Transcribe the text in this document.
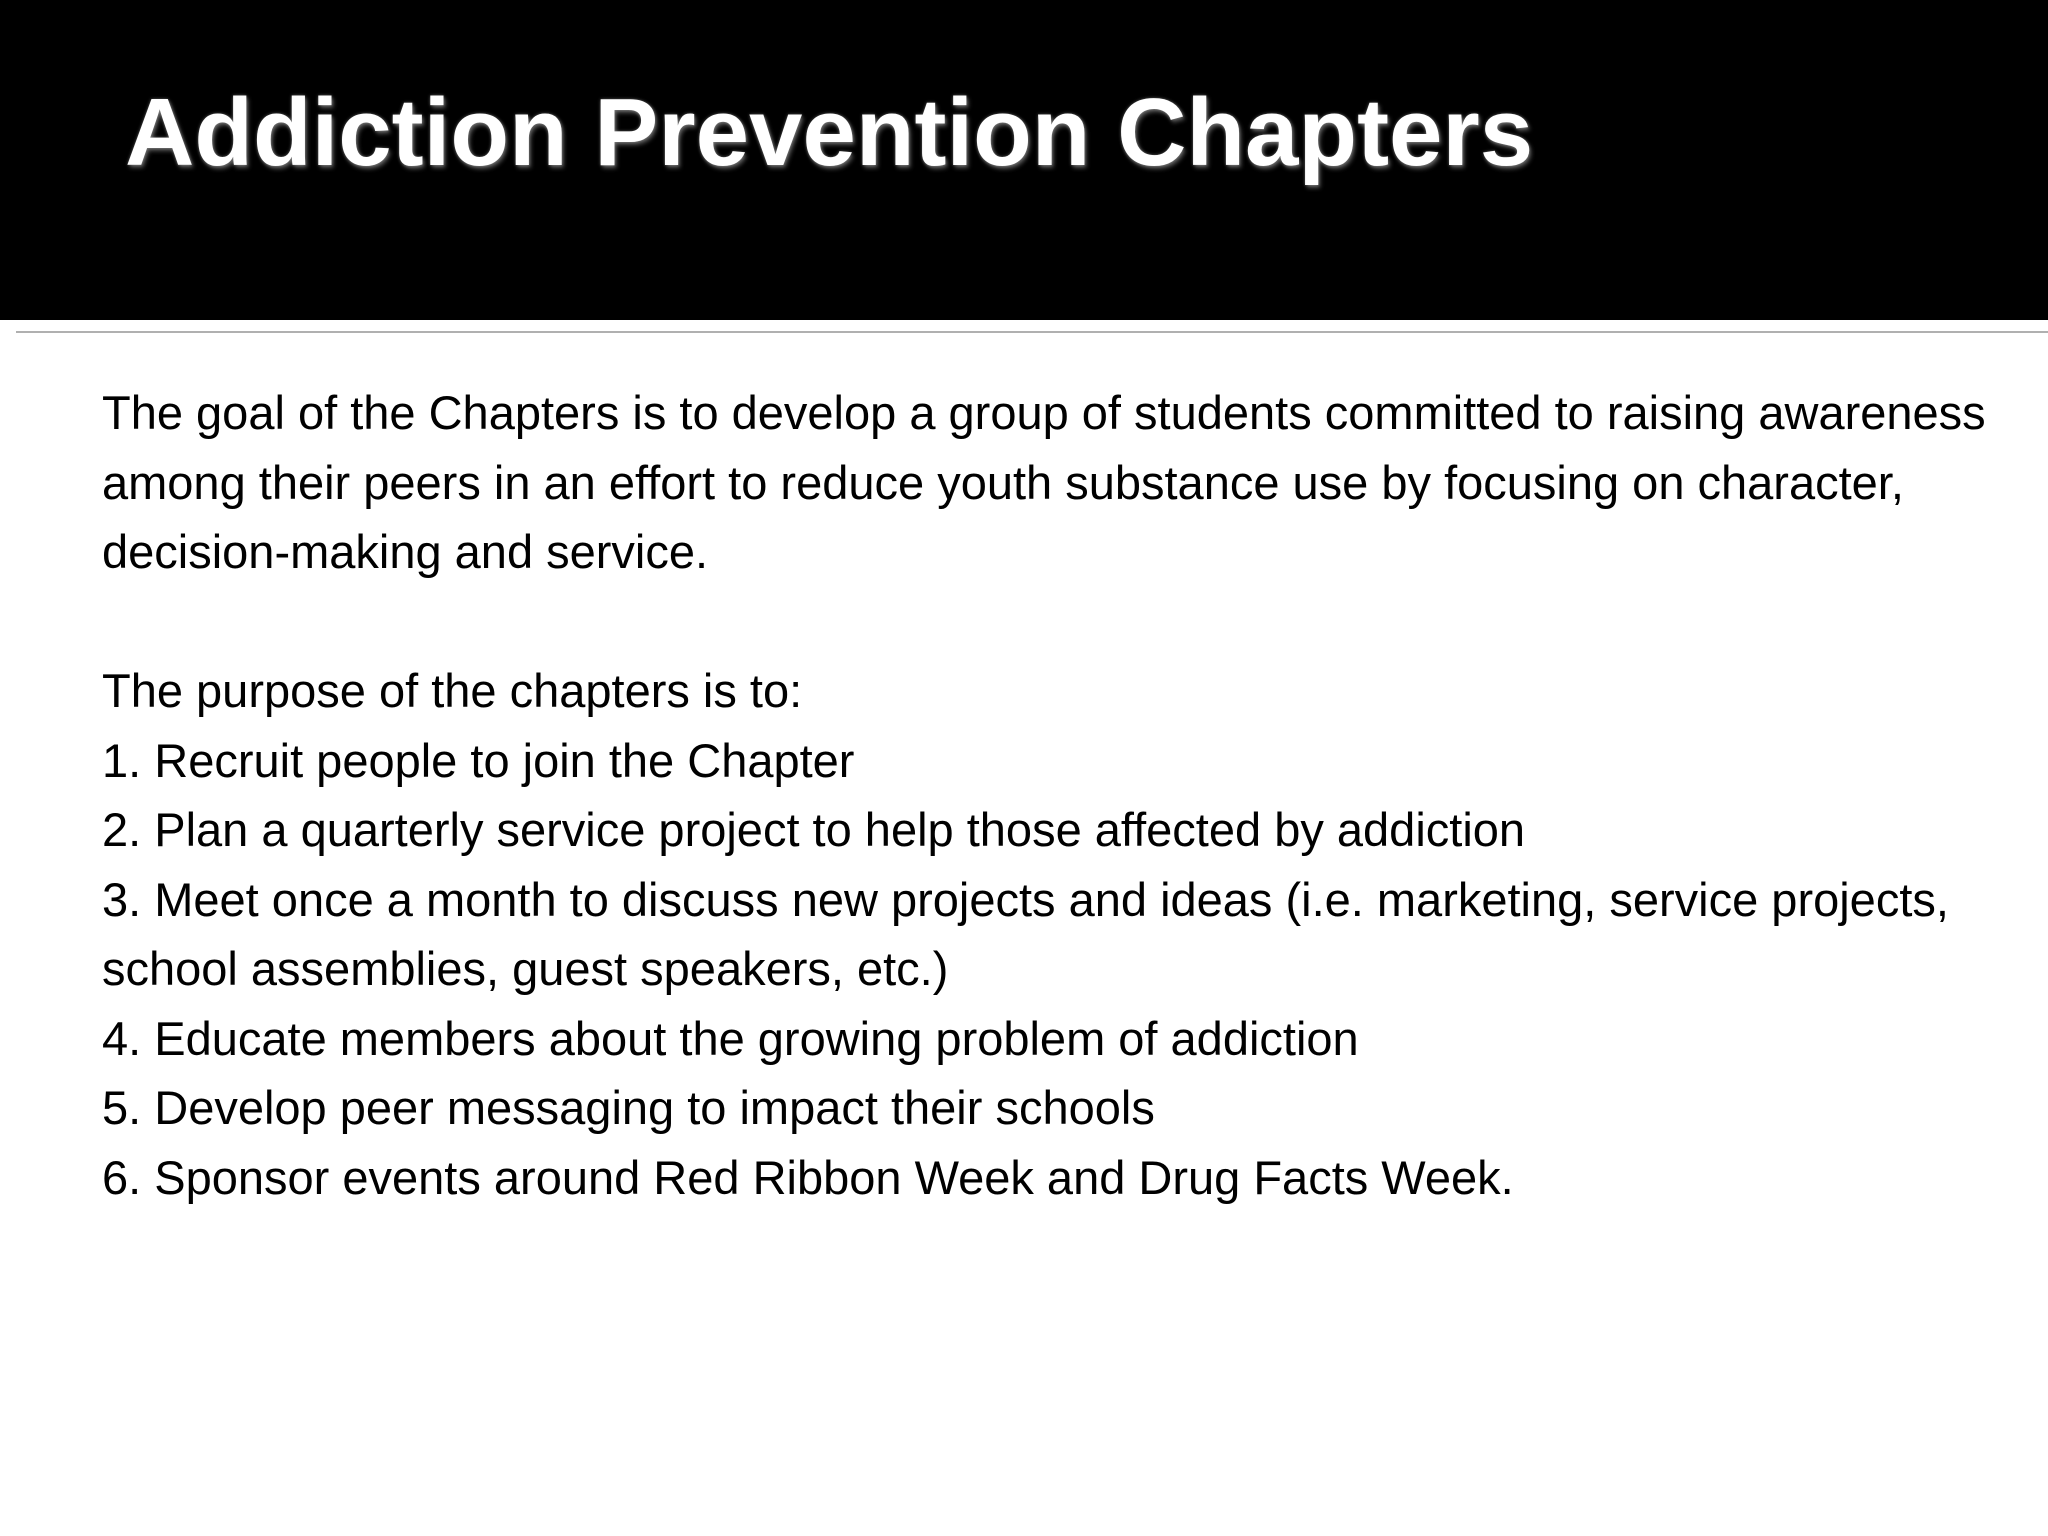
Addiction Prevention Chapters

The goal of the Chapters is to develop a group of students committed to raising awareness among their peers in an effort to reduce youth substance use by focusing on character, decision-making and service.

The purpose of the chapters is to:

1. Recruit people to join the Chapter
2. Plan a quarterly service project to help those affected by addiction
3. Meet once a month to discuss new projects and ideas (i.e. marketing, service projects, school assemblies, guest speakers, etc.)
4. Educate members about the growing problem of addiction
5. Develop peer messaging to impact their schools
6. Sponsor events around Red Ribbon Week and Drug Facts Week.
